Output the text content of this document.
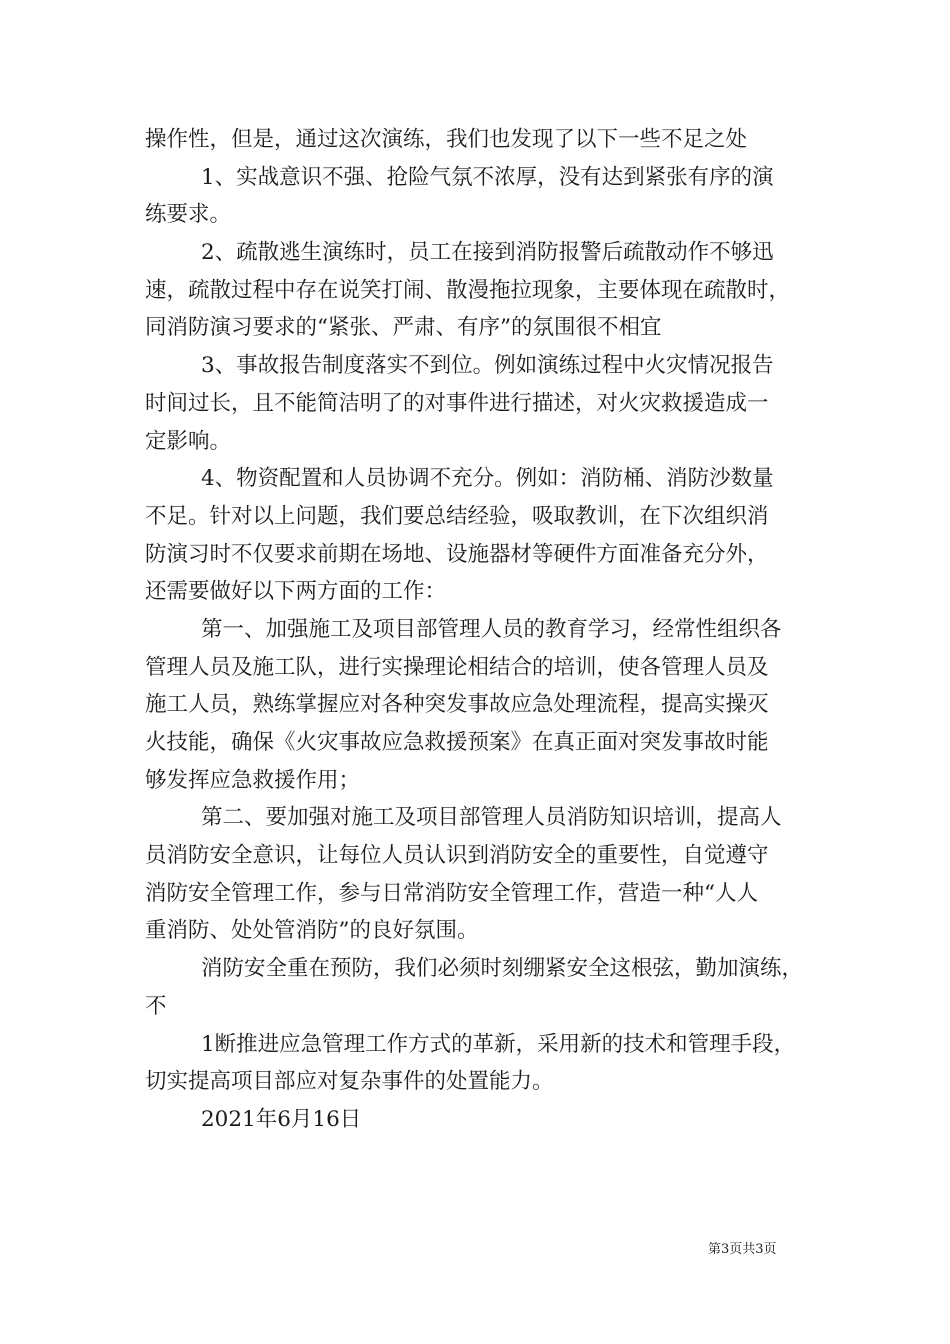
操作性，但是，通过这次演练，我们也发现了以下一些不足之处
1、实战意识不强、抢险气氛不浓厚，没有达到紧张有序的演
练要求。
2、疏散逃生演练时，员工在接到消防报警后疏散动作不够迅
速，疏散过程中存在说笑打闹、散漫拖拉现象，主要体现在疏散时，
同消防演习要求的“紧张、严肃、有序”的氛围很不相宜
3、事故报告制度落实不到位。例如演练过程中火灾情况报告
时间过长，且不能简洁明了的对事件进行描述，对火灾救援造成一
定影响。
4、物资配置和人员协调不充分。例如：消防桶、消防沙数量
不足。针对以上问题，我们要总结经验，吸取教训，在下次组织消
防演习时不仅要求前期在场地、设施器材等硬件方面准备充分外，
还需要做好以下两方面的工作：
第一、加强施工及项目部管理人员的教育学习，经常性组织各
管理人员及施工队，进行实操理论相结合的培训，使各管理人员及
施工人员，熟练掌握应对各种突发事故应急处理流程，提高实操灭
火技能，确保《火灾事故应急救援预案》在真正面对突发事故时能
够发挥应急救援作用；
第二、要加强对施工及项目部管理人员消防知识培训，提高人
员消防安全意识，让每位人员认识到消防安全的重要性，自觉遵守
消防安全管理工作，参与日常消防安全管理工作，营造一种“人人
重消防、处处管消防”的良好氛围。
消防安全重在预防，我们必须时刻绷紧安全这根弦，勤加演练，
不
1断推进应急管理工作方式的革新，采用新的技术和管理手段，
切实提高项目部应对复杂事件的处置能力。
2021年6月16日
第3页共3页
